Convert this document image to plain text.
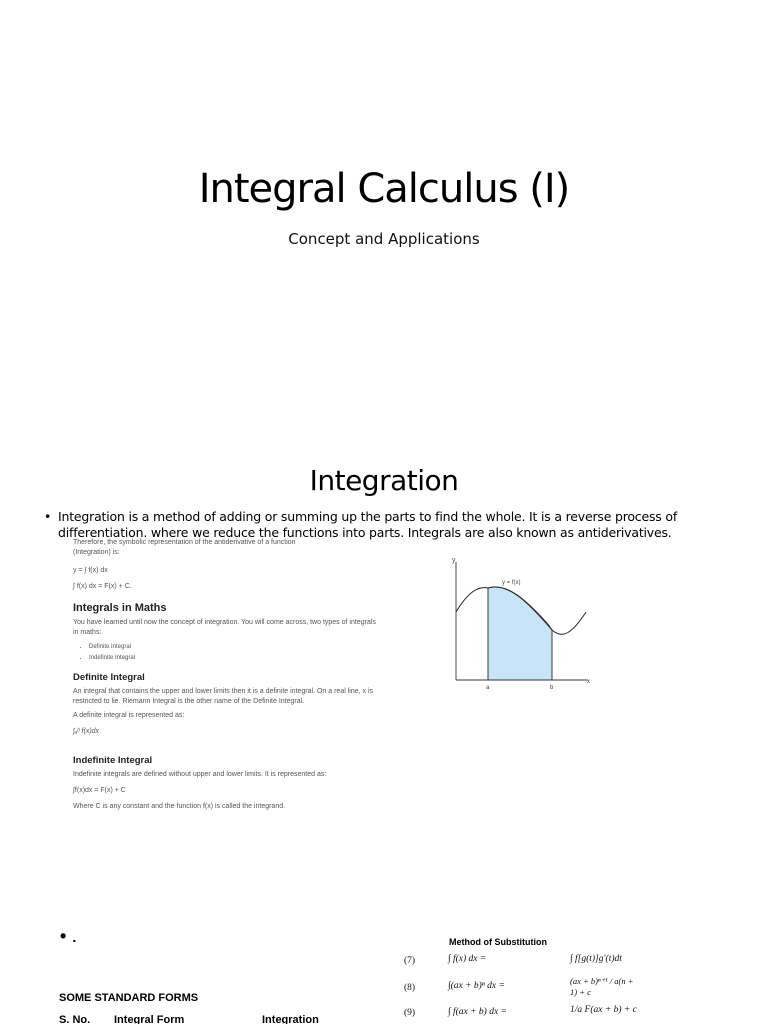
Integral Calculus (I)
Concept and Applications
Integration
• Integration is a method of adding or summing up the parts to find the whole. It is a reverse process of differentiation. where we reduce the functions into parts. Integrals are also known as antiderivatives.

Therefore, the symbolic representation of the antiderivative of a function

(Integration) is:

y = ∫ f(x) dx

∫ f(x) dx = F(x) + C.

Integrals in Maths

You have learned until now the concept of integration. You will come across, two types of integrals in maths:

• Definite Integral
• Indefinite Integral

Definite Integral

An integral that contains the upper and lower limits then it is a definite integral. On a real line, x is restricted to lie. Riemann Integral is the other name of the Definite Integral.

A definite integral is represented as:

∫ₐᵇ f(x)dx

Indefinite Integral

Indefinite integrals are defined without upper and lower limits. It is represented as:

∫f(x)dx = F(x) + C

Where C is any constant and the function f(x) is called the integrand.

y
x
y = f(x)
a	b
• .
SOME STANDARD FORMS
S. No. Integral Form	Integration
Method of Substitution
(7)	∫ f(x) dx =	∫ f[g(t)]g′(t)dt
(8)	∫(ax + b)ⁿ dx =	(ax + b)ⁿ⁺¹ / a(n + 1) + c
(9)	∫ f(ax + b) dx =	1/a F(ax + b) + c
